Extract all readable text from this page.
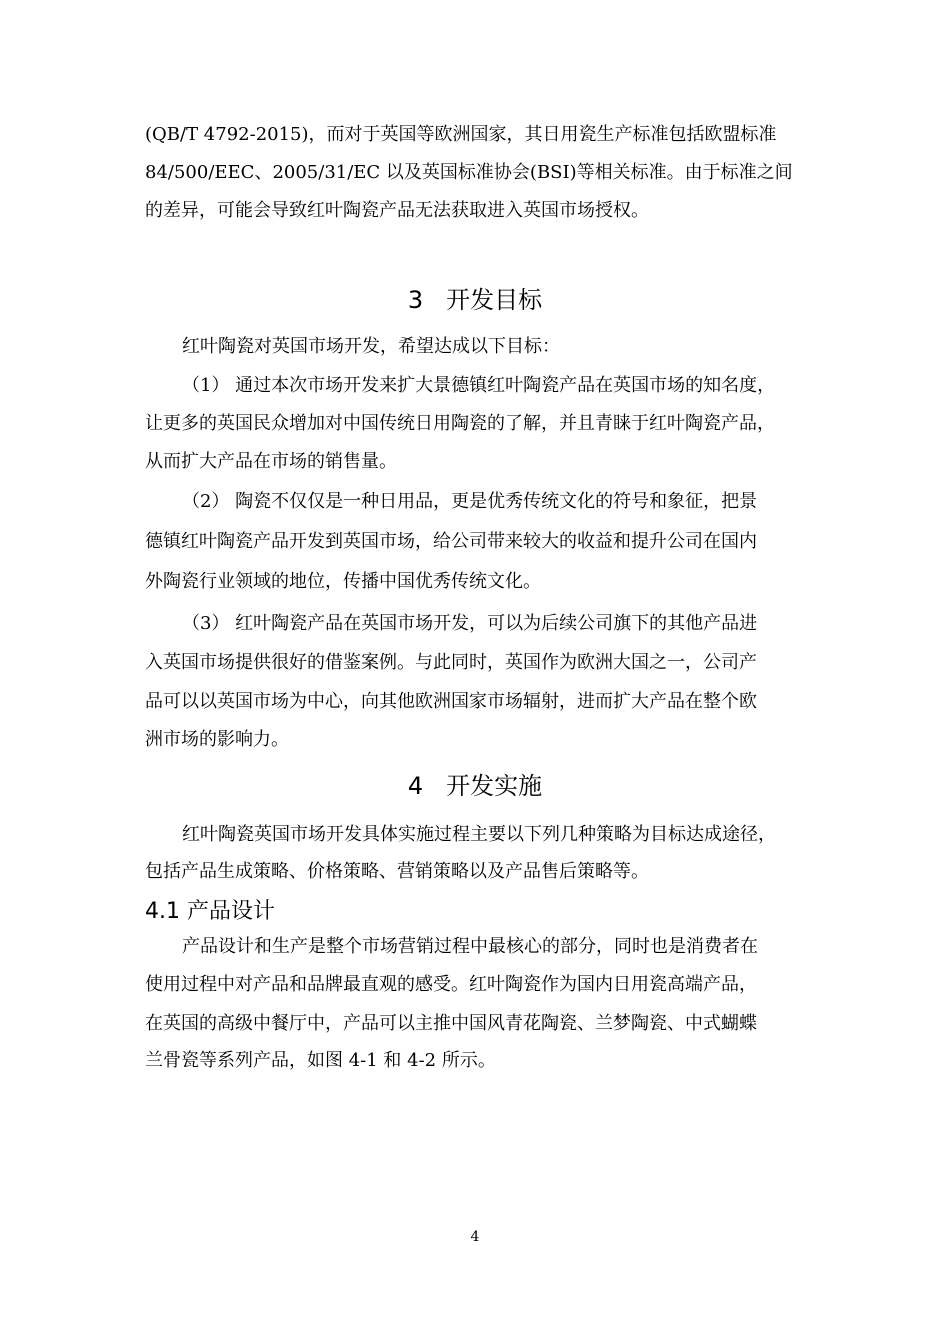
(QB/T 4792-2015)，而对于英国等欧洲国家，其日用瓷生产标准包括欧盟标准
84/500/EEC、2005/31/EC 以及英国标准协会(BSI)等相关标准。由于标准之间
的差异，可能会导致红叶陶瓷产品无法获取进入英国市场授权。
3   开发目标
红叶陶瓷对英国市场开发，希望达成以下目标：
（1） 通过本次市场开发来扩大景德镇红叶陶瓷产品在英国市场的知名度，
让更多的英国民众增加对中国传统日用陶瓷的了解，并且青睐于红叶陶瓷产品，
从而扩大产品在市场的销售量。
（2） 陶瓷不仅仅是一种日用品，更是优秀传统文化的符号和象征，把景
德镇红叶陶瓷产品开发到英国市场，给公司带来较大的收益和提升公司在国内
外陶瓷行业领域的地位，传播中国优秀传统文化。
（3） 红叶陶瓷产品在英国市场开发，可以为后续公司旗下的其他产品进
入英国市场提供很好的借鉴案例。与此同时，英国作为欧洲大国之一，公司产
品可以以英国市场为中心，向其他欧洲国家市场辐射，进而扩大产品在整个欧
洲市场的影响力。
4   开发实施
红叶陶瓷英国市场开发具体实施过程主要以下列几种策略为目标达成途径，
包括产品生成策略、价格策略、营销策略以及产品售后策略等。
4.1 产品设计
产品设计和生产是整个市场营销过程中最核心的部分，同时也是消费者在
使用过程中对产品和品牌最直观的感受。红叶陶瓷作为国内日用瓷高端产品，
在英国的高级中餐厅中，产品可以主推中国风青花陶瓷、兰梦陶瓷、中式蝴蝶
兰骨瓷等系列产品，如图 4-1 和 4-2 所示。
4
